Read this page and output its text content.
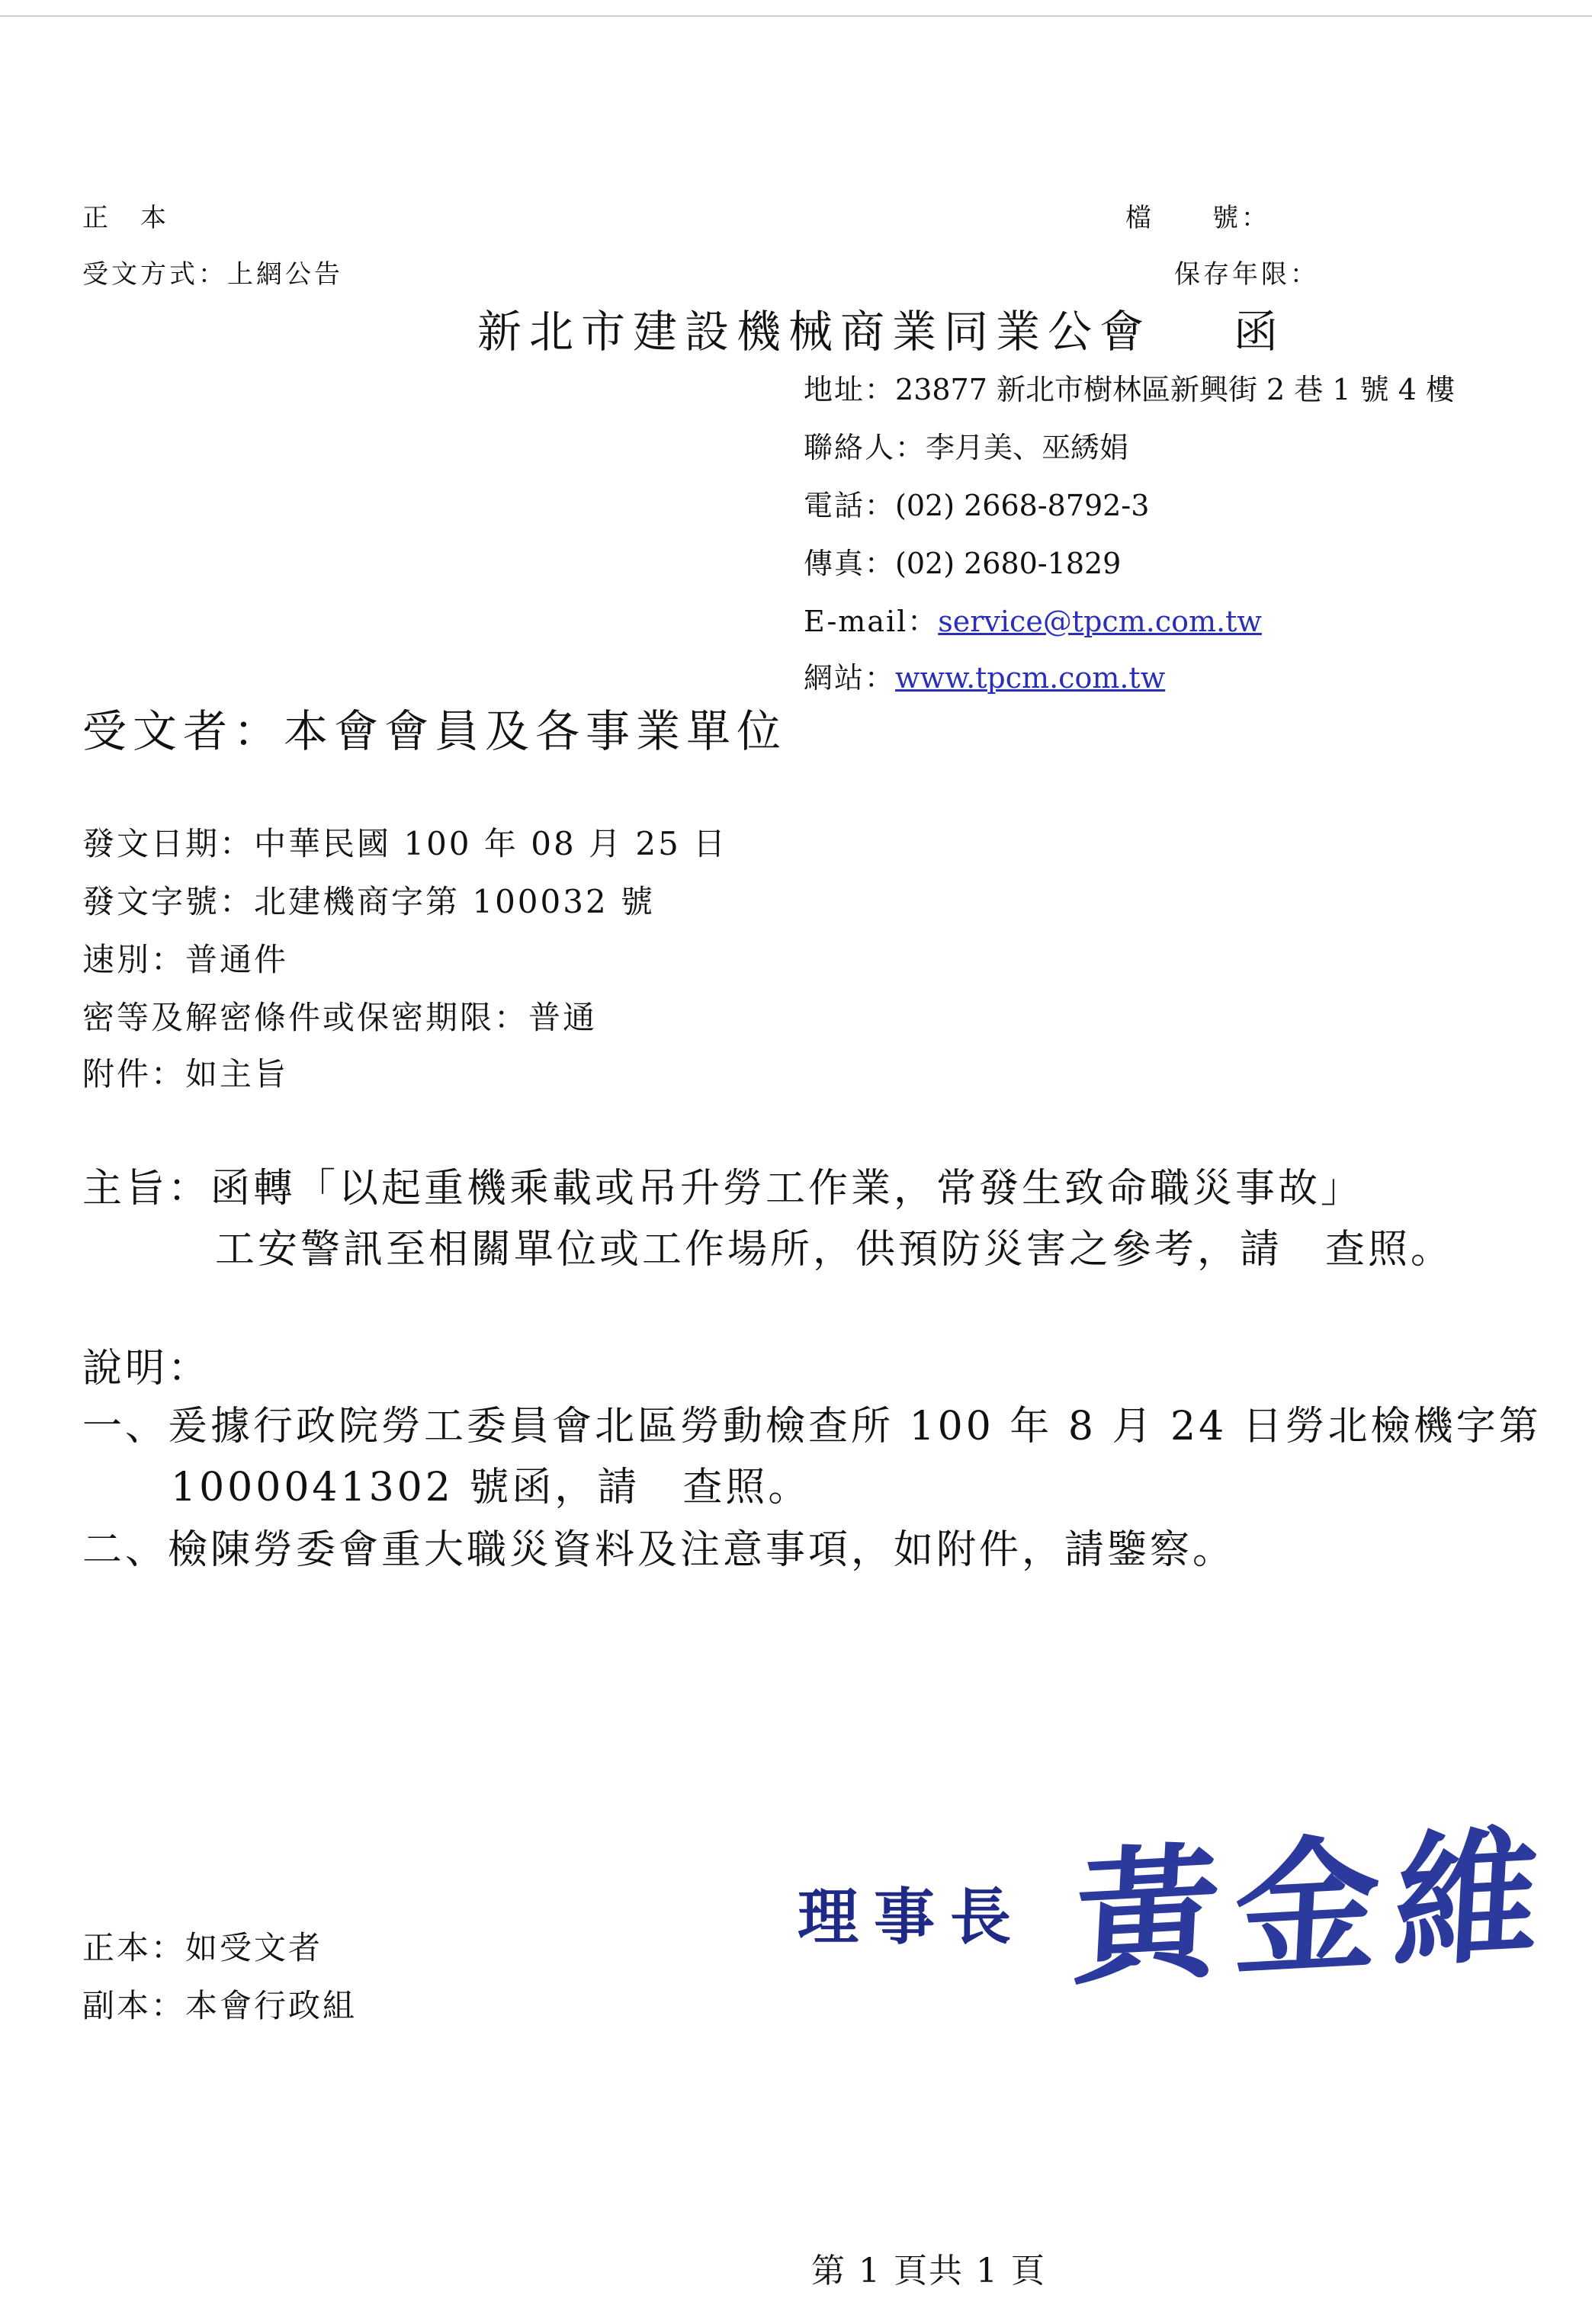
正　本	檔　　號：
受文方式：上網公告	保存年限：
新北市建設機械商業同業公會 函
地址：23877 新北市樹林區新興街 2 巷 1 號 4 樓
聯絡人：李月美、巫綉娟
電話：(02) 2668-8792-3
傳真：(02) 2680-1829
E-mail：service@tpcm.com.tw
網站：www.tpcm.com.tw
受文者：本會會員及各事業單位
發文日期：中華民國 100 年 08 月 25 日
發文字號：北建機商字第 100032 號
速別：普通件
密等及解密條件或保密期限：普通
附件：如主旨
主旨：函轉「以起重機乘載或吊升勞工作業，常發生致命職災事故」
工安警訊至相關單位或工作場所，供預防災害之參考，請　查照。
說明：
一、爰據行政院勞工委員會北區勞動檢查所 100 年 8 月 24 日勞北檢機字第
1000041302 號函，請　查照。
二、檢陳勞委會重大職災資料及注意事項，如附件，請鑒察。
理事長 黃金維
正本：如受文者
副本：本會行政組
第 1 頁共 1 頁
